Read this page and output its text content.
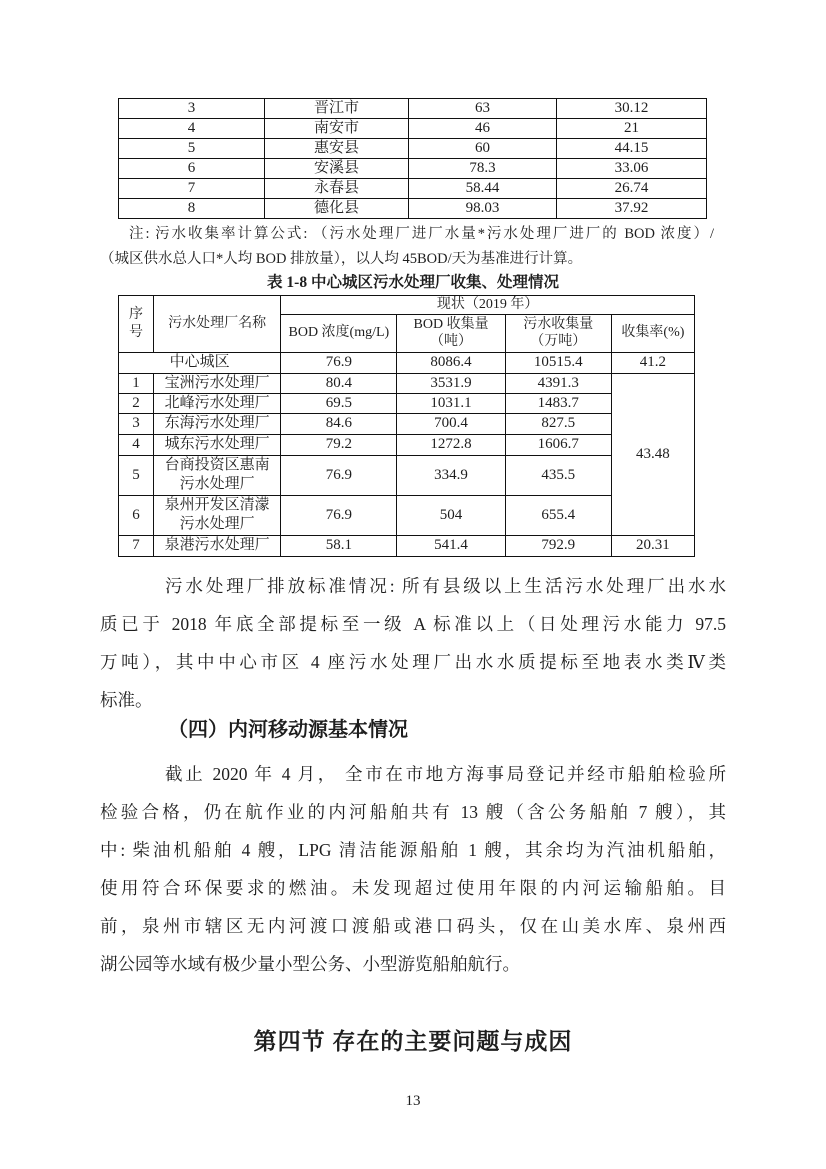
3	晋江市	63	30.12
4	南安市	46	21
5	惠安县	60	44.15
6	安溪县	78.3	33.06
7	永春县	58.44	26.74
8	德化县	98.03	37.92
注: 污水收集率计算公式: （污水处理厂进厂水量*污水处理厂进厂的 BOD 浓度）/
（城区供水总人口*人均 BOD 排放量），以人均 45BOD/天为基准进行计算。
表 1-8 中心城区污水处理厂收集、处理情况
序号	污水处理厂名称	现状（2019 年）			
		BOD 浓度(mg/L)	BOD 收集量（吨）	污水收集量（万吨）	收集率(%)
中心城区		76.9	8086.4	10515.4	41.2
1	宝洲污水处理厂	80.4	3531.9	4391.3	43.48
2	北峰污水处理厂	69.5	1031.1	1483.7	
3	东海污水处理厂	84.6	700.4	827.5	
4	城东污水处理厂	79.2	1272.8	1606.7	
5	台商投资区惠南污水处理厂	76.9	334.9	435.5	
6	泉州开发区清濛污水处理厂	76.9	504	655.4	
7	泉港污水处理厂	58.1	541.4	792.9	20.31
污水处理厂排放标准情况: 所有县级以上生活污水处理厂出水水
质已于 2018 年底全部提标至一级 A 标准以上（日处理污水能力 97.5
万吨），其中中心市区 4 座污水处理厂出水水质提标至地表水类Ⅳ类
标准。
（四）内河移动源基本情况
截止 2020 年 4 月， 全市在市地方海事局登记并经市船舶检验所
检验合格，仍在航作业的内河船舶共有 13 艘（含公务船舶 7 艘），其
中: 柴油机船舶 4 艘，LPG 清洁能源船舶 1 艘，其余均为汽油机船舶，
使用符合环保要求的燃油。未发现超过使用年限的内河运输船舶。目
前，泉州市辖区无内河渡口渡船或港口码头，仅在山美水库、泉州西
湖公园等水域有极少量小型公务、小型游览船舶航行。
第四节 存在的主要问题与成因
13
